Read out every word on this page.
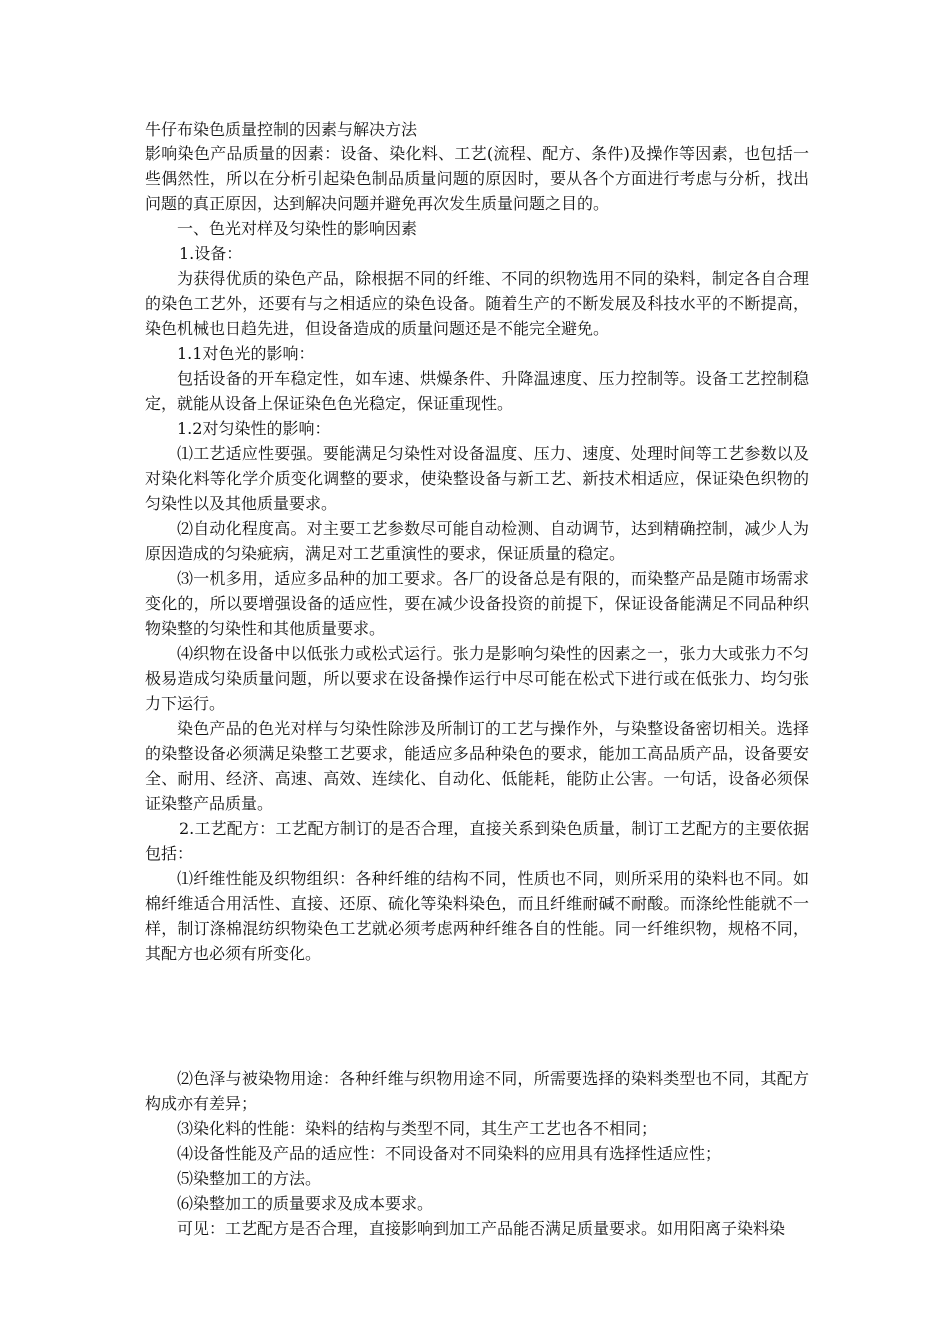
牛仔布染色质量控制的因素与解决方法

影响染色产品质量的因素：设备、染化料、工艺(流程、配方、条件)及操作等因素，也包括一些偶然性，所以在分析引起染色制品质量问题的原因时，要从各个方面进行考虑与分析，找出问题的真正原因，达到解决问题并避免再次发生质量问题之目的。

一、色光对样及匀染性的影响因素

1.设备：

为获得优质的染色产品，除根据不同的纤维、不同的织物选用不同的染料，制定各自合理的染色工艺外，还要有与之相适应的染色设备。随着生产的不断发展及科技水平的不断提高，染色机械也日趋先进，但设备造成的质量问题还是不能完全避免。

1.1对色光的影响：

包括设备的开车稳定性，如车速、烘燥条件、升降温速度、压力控制等。设备工艺控制稳定，就能从设备上保证染色色光稳定，保证重现性。

1.2对匀染性的影响：

⑴工艺适应性要强。要能满足匀染性对设备温度、压力、速度、处理时间等工艺参数以及对染化料等化学介质变化调整的要求，使染整设备与新工艺、新技术相适应，保证染色织物的匀染性以及其他质量要求。

⑵自动化程度高。对主要工艺参数尽可能自动检测、自动调节，达到精确控制，减少人为原因造成的匀染疵病，满足对工艺重演性的要求，保证质量的稳定。

⑶一机多用，适应多品种的加工要求。各厂的设备总是有限的，而染整产品是随市场需求变化的，所以要增强设备的适应性，要在减少设备投资的前提下，保证设备能满足不同品种织物染整的匀染性和其他质量要求。

⑷织物在设备中以低张力或松式运行。张力是影响匀染性的因素之一，张力大或张力不匀极易造成匀染质量问题，所以要求在设备操作运行中尽可能在松式下进行或在低张力、均匀张力下运行。

染色产品的色光对样与匀染性除涉及所制订的工艺与操作外，与染整设备密切相关。选择的染整设备必须满足染整工艺要求，能适应多品种染色的要求，能加工高品质产品，设备要安全、耐用、经济、高速、高效、连续化、自动化、低能耗，能防止公害。一句话，设备必须保证染整产品质量。

2.工艺配方：工艺配方制订的是否合理，直接关系到染色质量，制订工艺配方的主要依据包括：

⑴纤维性能及织物组织：各种纤维的结构不同，性质也不同，则所采用的染料也不同。如棉纤维适合用活性、直接、还原、硫化等染料染色，而且纤维耐碱不耐酸。而涤纶性能就不一样，制订涤棉混纺织物染色工艺就必须考虑两种纤维各自的性能。同一纤维织物，规格不同，其配方也必须有所变化。

⑵色泽与被染物用途：各种纤维与织物用途不同，所需要选择的染料类型也不同，其配方构成亦有差异；

⑶染化料的性能：染料的结构与类型不同，其生产工艺也各不相同；

⑷设备性能及产品的适应性：不同设备对不同染料的应用具有选择性适应性；

⑸染整加工的方法。

⑹染整加工的质量要求及成本要求。

可见：工艺配方是否合理，直接影响到加工产品能否满足质量要求。如用阳离子染料染
